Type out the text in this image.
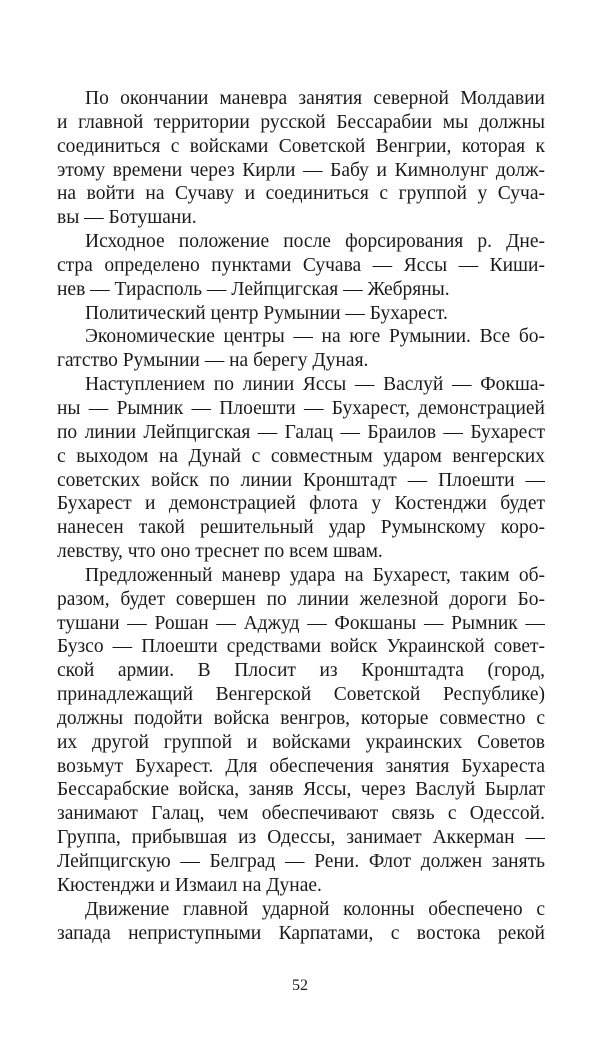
По окончании маневра занятия северной Молдавии
и главной территории русской Бессарабии мы должны
соединиться с войсками Советской Венгрии, которая к
этому времени через Кирли — Бабу и Кимнолунг долж-
на войти на Сучаву и соединиться с группой у Суча-
вы — Ботушани.
Исходное положение после форсирования р. Дне-
стра определено пунктами Сучава — Яссы — Киши-
нев — Тирасполь — Лейпцигская — Жебряны.
Политический центр Румынии — Бухарест.
Экономические центры — на юге Румынии. Все бо-
гатство Румынии — на берегу Дуная.
Наступлением по линии Яссы — Васлуй — Фокша-
ны — Рымник — Плоешти — Бухарест, демонстрацией
по линии Лейпцигская — Галац — Браилов — Бухарест
с выходом на Дунай с совместным ударом венгерских
советских войск по линии Кронштадт — Плоешти —
Бухарест и демонстрацией флота у Костенджи будет
нанесен такой решительный удар Румынскому коро-
левству, что оно треснет по всем швам.
Предложенный маневр удара на Бухарест, таким об-
разом, будет совершен по линии железной дороги Бо-
тушани — Рошан — Аджуд — Фокшаны — Рымник —
Бузсо — Плоешти средствами войск Украинской совет-
ской армии. В Плосит из Кронштадта (город,
принадлежащий Венгерской Советской Республике)
должны подойти войска венгров, которые совместно с
их другой группой и войсками украинских Советов
возьмут Бухарест. Для обеспечения занятия Бухареста
Бессарабские войска, заняв Яссы, через Васлуй Бырлат
занимают Галац, чем обеспечивают связь с Одессой.
Группа, прибывшая из Одессы, занимает Аккерман —
Лейпцигскую — Белград — Рени. Флот должен занять
Кюстенджи и Измаил на Дунае.
Движение главной ударной колонны обеспечено с
запада неприступными Карпатами, с востока рекой
52
